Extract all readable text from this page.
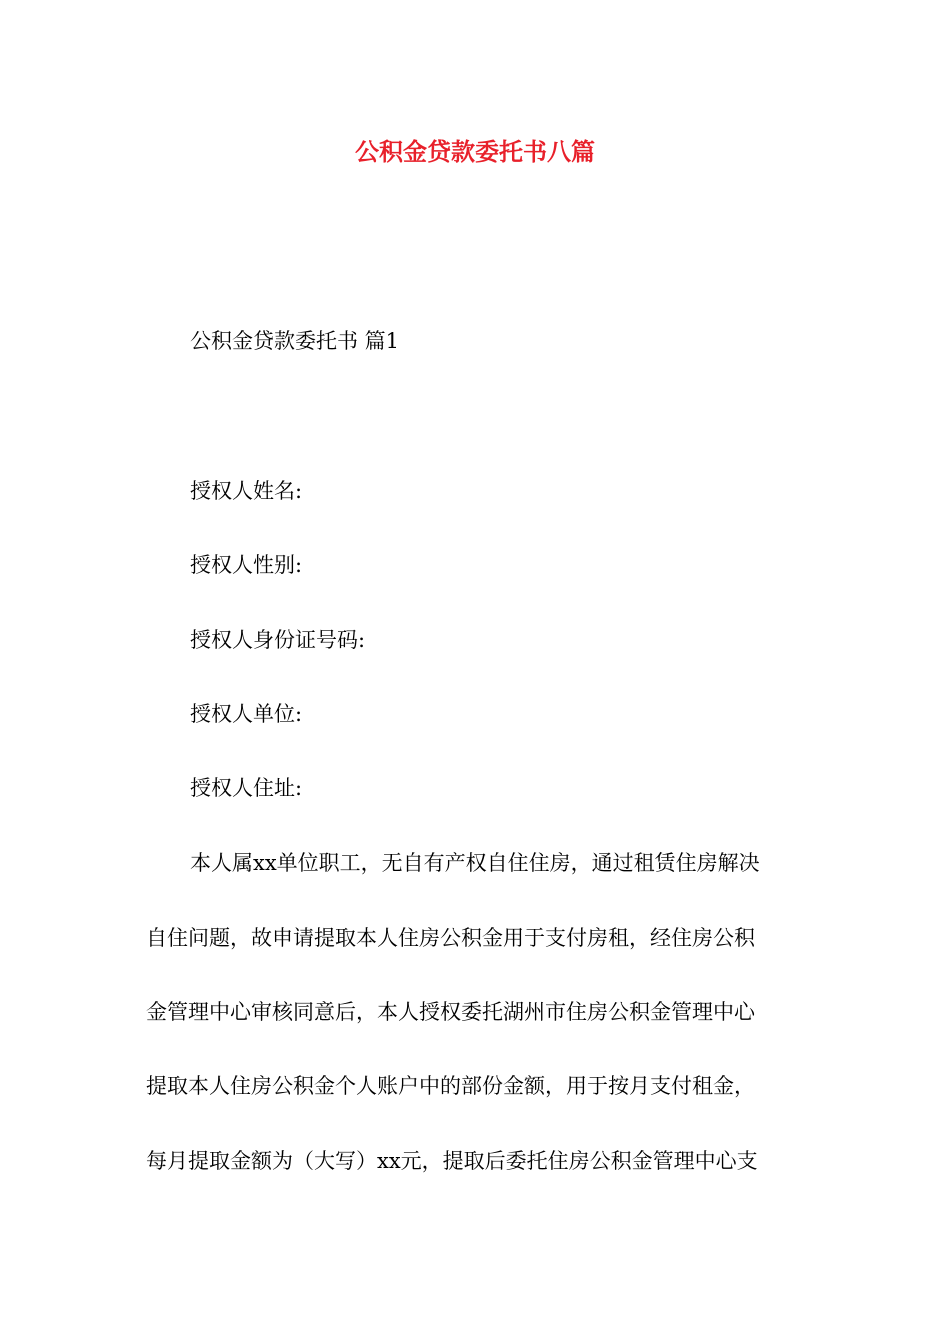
公积金贷款委托书八篇
公积金贷款委托书 篇1
授权人姓名:
授权人性别:
授权人身份证号码:
授权人单位:
授权人住址:
本人属xx单位职工，无自有产权自住住房，通过租赁住房解决
自住问题，故申请提取本人住房公积金用于支付房租，经住房公积
金管理中心审核同意后，本人授权委托湖州市住房公积金管理中心
提取本人住房公积金个人账户中的部份金额，用于按月支付租金，
每月提取金额为（大写）xx元，提取后委托住房公积金管理中心支
